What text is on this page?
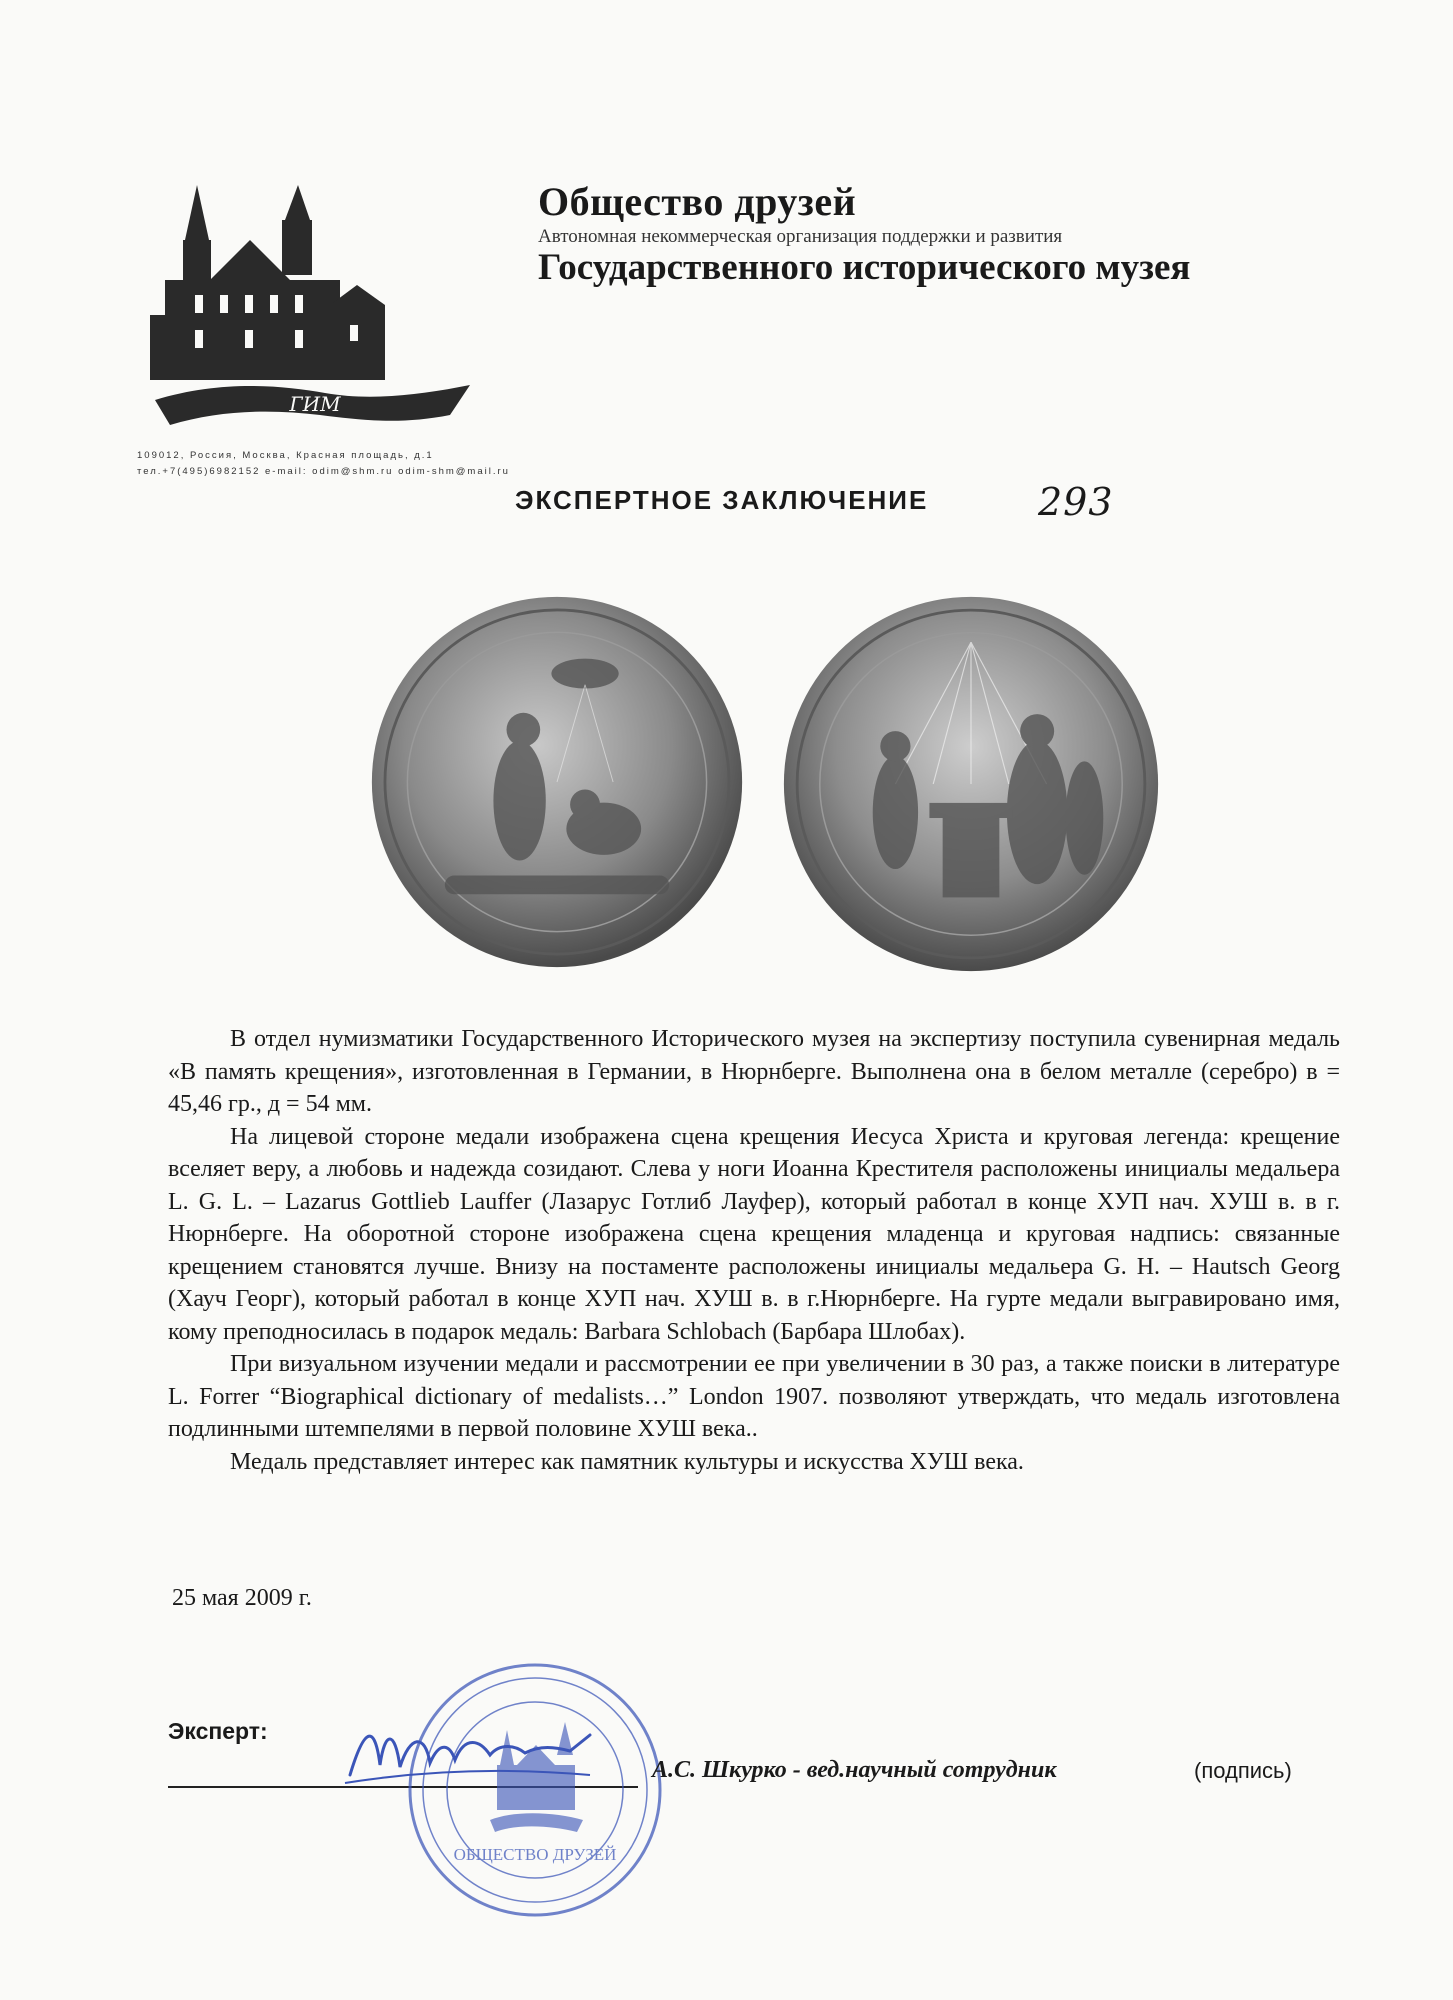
ГИМ
Общество друзей
Автономная некоммерческая организация поддержки и развития
Государственного исторического музея
109012, Россия, Москва, Красная площадь, д.1
тел.+7(495)6982152 e-mail: odim@shm.ru odim-shm@mail.ru
ЭКСПЕРТНОЕ ЗАКЛЮЧЕНИЕ	293

В отдел нумизматики Государственного Исторического музея на экспертизу поступила сувенирная медаль «В память крещения», изготовленная в Германии, в Нюрнберге. Выполнена она в белом металле (серебро) в = 45,46 гр., д = 54 мм.

На лицевой стороне медали изображена сцена крещения Иесуса Христа и круговая легенда: крещение вселяет веру, а любовь и надежда созидают. Слева у ноги Иоанна Крестителя расположены инициалы медальера L. G. L. – Lazarus Gottlieb Lauffer (Лазарус Готлиб Лауфер), который работал в конце ХУП нач. ХУШ в. в г. Нюрнберге. На оборотной стороне изображена сцена крещения младенца и круговая надпись: связанные крещением становятся лучше. Внизу на постаменте расположены инициалы медальера G. H. – Hautsch Georg (Хауч Георг), который работал в конце ХУП нач. ХУШ в. в г.Нюрнберге. На гурте медали выгравировано имя, кому преподносилась в подарок медаль: Barbara Schlobach (Барбара Шлобах).

При визуальном изучении медали и рассмотрении ее при увеличении в 30 раз, а также поиски в литературе L. Forrer “Biographical dictionary of medalists…” London 1907. позволяют утверждать, что медаль изготовлена подлинными штемпелями в первой половине ХУШ века..

Медаль представляет интерес как памятник культуры и искусства ХУШ века.

25 мая 2009 г.
Эксперт:
ОБЩЕСТВО ДРУЗЕЙ
А.С. Шкурко - вед.научный сотрудник	(подпись)
